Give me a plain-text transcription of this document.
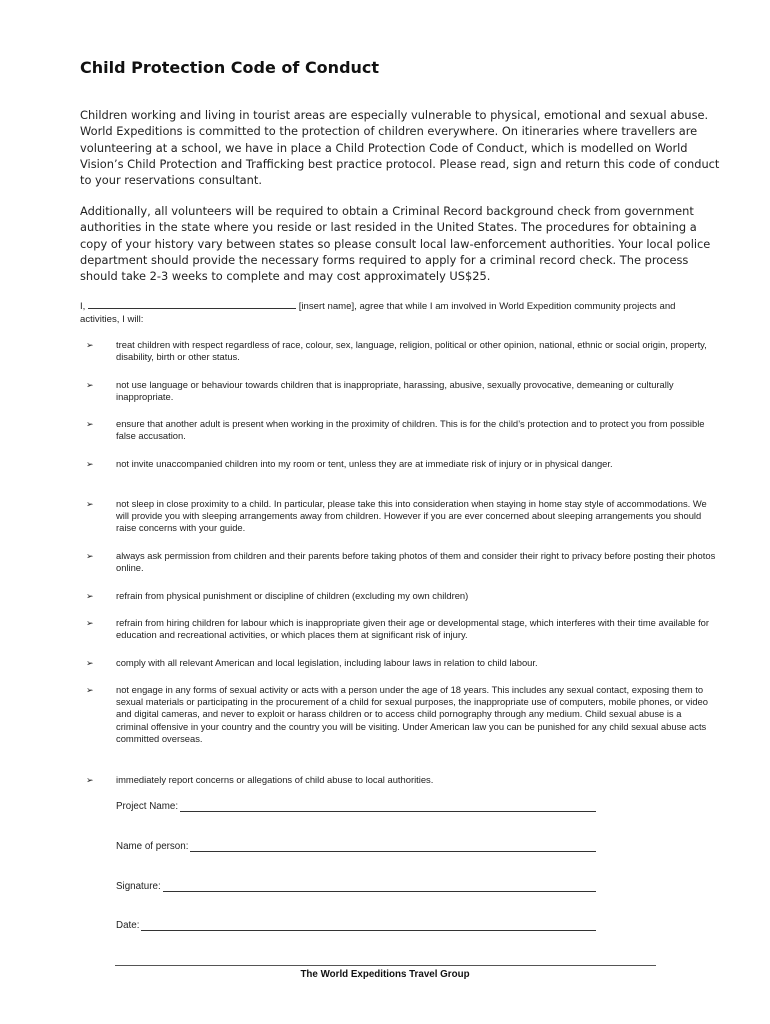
Child Protection Code of Conduct

Children working and living in tourist areas are especially vulnerable to physical, emotional and sexual abuse. World Expeditions is committed to the protection of children everywhere. On itineraries where travellers are volunteering at a school, we have in place a Child Protection Code of Conduct, which is modelled on World Vision’s Child Protection and Trafficking best practice protocol. Please read, sign and return this code of conduct to your reservations consultant.

Additionally, all volunteers will be required to obtain a Criminal Record background check from government authorities in the state where you reside or last resided in the United States. The procedures for obtaining a copy of your history vary between states so please consult local law-enforcement authorities. Your local police department should provide the necessary forms required to apply for a criminal record check. The process should take 2-3 weeks to complete and may cost approximately US$25.

I,	[insert name], agree that while I am involved in World Expedition community projects and activities, I will:

➢	treat children with respect regardless of race, colour, sex, language, religion, political or other opinion, national, ethnic or social origin, property, disability, birth or other status.
➢	not use language or behaviour towards children that is inappropriate, harassing, abusive, sexually provocative, demeaning or culturally inappropriate.
➢	ensure that another adult is present when working in the proximity of children. This is for the child’s protection and to protect you from possible false accusation.
➢	not invite unaccompanied children into my room or tent, unless they are at immediate risk of injury or in physical danger.
➢	not sleep in close proximity to a child. In particular, please take this into consideration when staying in home stay style of accommodations. We will provide you with sleeping arrangements away from children. However if you are ever concerned about sleeping arrangements you should raise concerns with your guide.
➢	always ask permission from children and their parents before taking photos of them and consider their right to privacy before posting their photos online.
➢	refrain from physical punishment or discipline of children (excluding my own children)
➢	refrain from hiring children for labour which is inappropriate given their age or developmental stage, which interferes with their time available for education and recreational activities, or which places them at significant risk of injury.
➢	comply with all relevant American and local legislation, including labour laws in relation to child labour.
➢	not engage in any forms of sexual activity or acts with a person under the age of 18 years. This includes any sexual contact, exposing them to sexual materials or participating in the procurement of a child for sexual purposes, the inappropriate use of computers, mobile phones, or video and digital cameras, and never to exploit or harass children or to access child pornography through any medium. Child sexual abuse is a criminal offensive in your country and the country you will be visiting. Under American law you can be punished for any child sexual abuse acts committed overseas.
➢	immediately report concerns or allegations of child abuse to local authorities.
Project Name:
Name of person:
Signature:
Date:
The World Expeditions Travel Group
